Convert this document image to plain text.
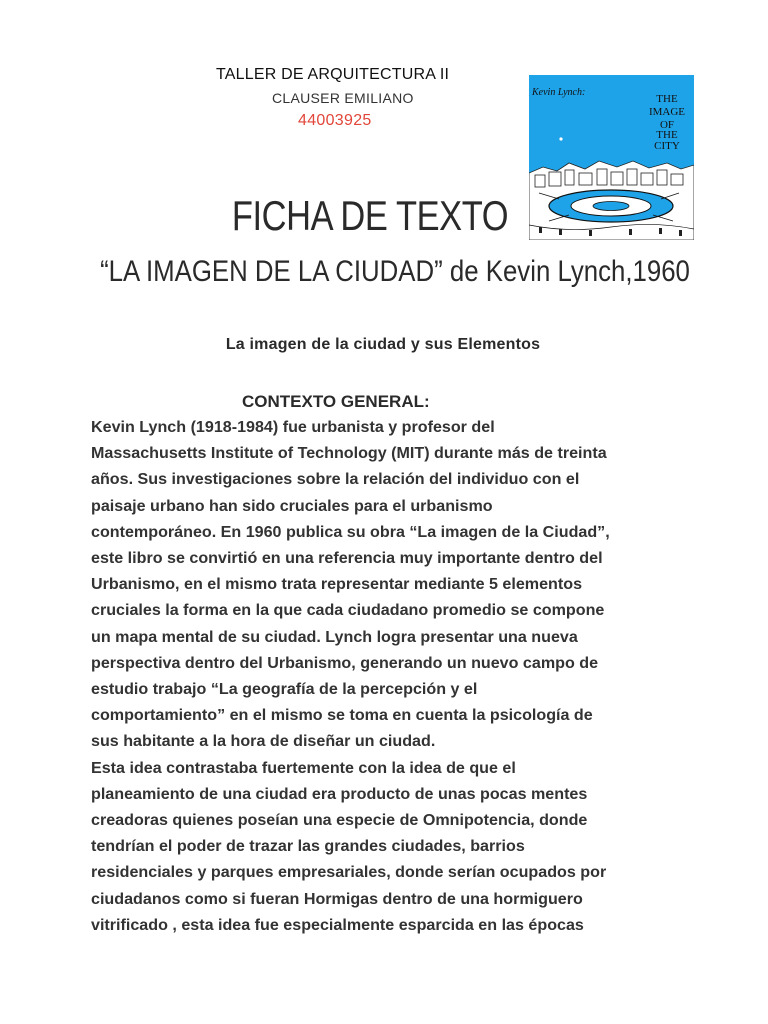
TALLER DE ARQUITECTURA II
CLAUSER EMILIANO
44003925
Kevin Lynch:
THE
IMAGE
OF
THE
CITY
FICHA DE TEXTO
“LA IMAGEN DE LA CIUDAD” de Kevin Lynch,1960
La imagen de la ciudad y sus Elementos
CONTEXTO GENERAL:
Kevin Lynch (1918-1984) fue urbanista y profesor del
Massachusetts Institute of Technology (MIT) durante más de treinta
años. Sus investigaciones sobre la relación del individuo con el
paisaje urbano han sido cruciales para el urbanismo
contemporáneo. En 1960 publica su obra “La imagen de la Ciudad”,
este libro se convirtió en una referencia muy importante dentro del
Urbanismo, en el mismo trata representar mediante 5 elementos
cruciales la forma en la que cada ciudadano promedio se compone
un mapa mental de su ciudad. Lynch logra presentar una nueva
perspectiva dentro del Urbanismo, generando un nuevo campo de
estudio trabajo “La geografía de la percepción y el
comportamiento” en el mismo se toma en cuenta la psicología de
sus habitante a la hora de diseñar un ciudad.
Esta idea contrastaba fuertemente con la idea de que el
planeamiento de una ciudad era producto de unas pocas mentes
creadoras quienes poseían una especie de Omnipotencia, donde
tendrían el poder de trazar las grandes ciudades, barrios
residenciales y parques empresariales, donde serían ocupados por
ciudadanos como si fueran Hormigas dentro de una hormiguero
vitrificado , esta idea fue especialmente esparcida en las épocas
